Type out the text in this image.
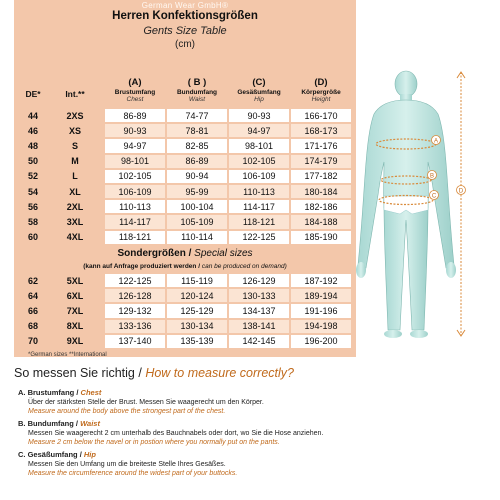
German Wear GmbH®
Herren Konfektionsgrößen
Gents Size Table
(cm)
DE*	Int.**
(A)
Brustumfang
Chest
( B )
Bundumfang
Waist
(C)
Gesäßumfang
Hip
(D)
Körpergröße
Height
44	2XS	86-89	74-77	90-93	166-170
46	XS	90-93	78-81	94-97	168-173
48	S	94-97	82-85	98-101	171-176
50	M	98-101	86-89	102-105	174-179
52	L	102-105	90-94	106-109	177-182
54	XL	106-109	95-99	110-113	180-184
56	2XL	110-113	100-104	114-117	182-186
58	3XL	114-117	105-109	118-121	184-188
60	4XL	118-121	110-114	122-125	185-190
Sondergrößen / Special sizes
(kann auf Anfrage produziert werden / can be produced on demand)
62	5XL	122-125	115-119	126-129	187-192
64	6XL	126-128	120-124	130-133	189-194
66	7XL	129-132	125-129	134-137	191-196
68	8XL	133-136	130-134	138-141	194-198
70	9XL	137-140	135-139	142-145	196-200
*German sizes **International
A
B
C
D
So messen Sie richtig / How to measure correctly?
A. Brustumfang / Chest
Über der stärksten Stelle der Brust. Messen Sie waagerecht um den Körper.
Measure around the body above the strongest part of the chest.
B. Bundumfang / Waist
Messen Sie waagerecht 2 cm unterhalb des Bauchnabels oder dort, wo Sie die Hose anziehen.
Measure 2 cm below the navel or in postion where you normally put on the pants.
C. Gesäßumfang / Hip
Messen Sie den Umfang um die breiteste Stelle Ihres Gesäßes.
Measure the circumference around the widest part of your buttocks.
